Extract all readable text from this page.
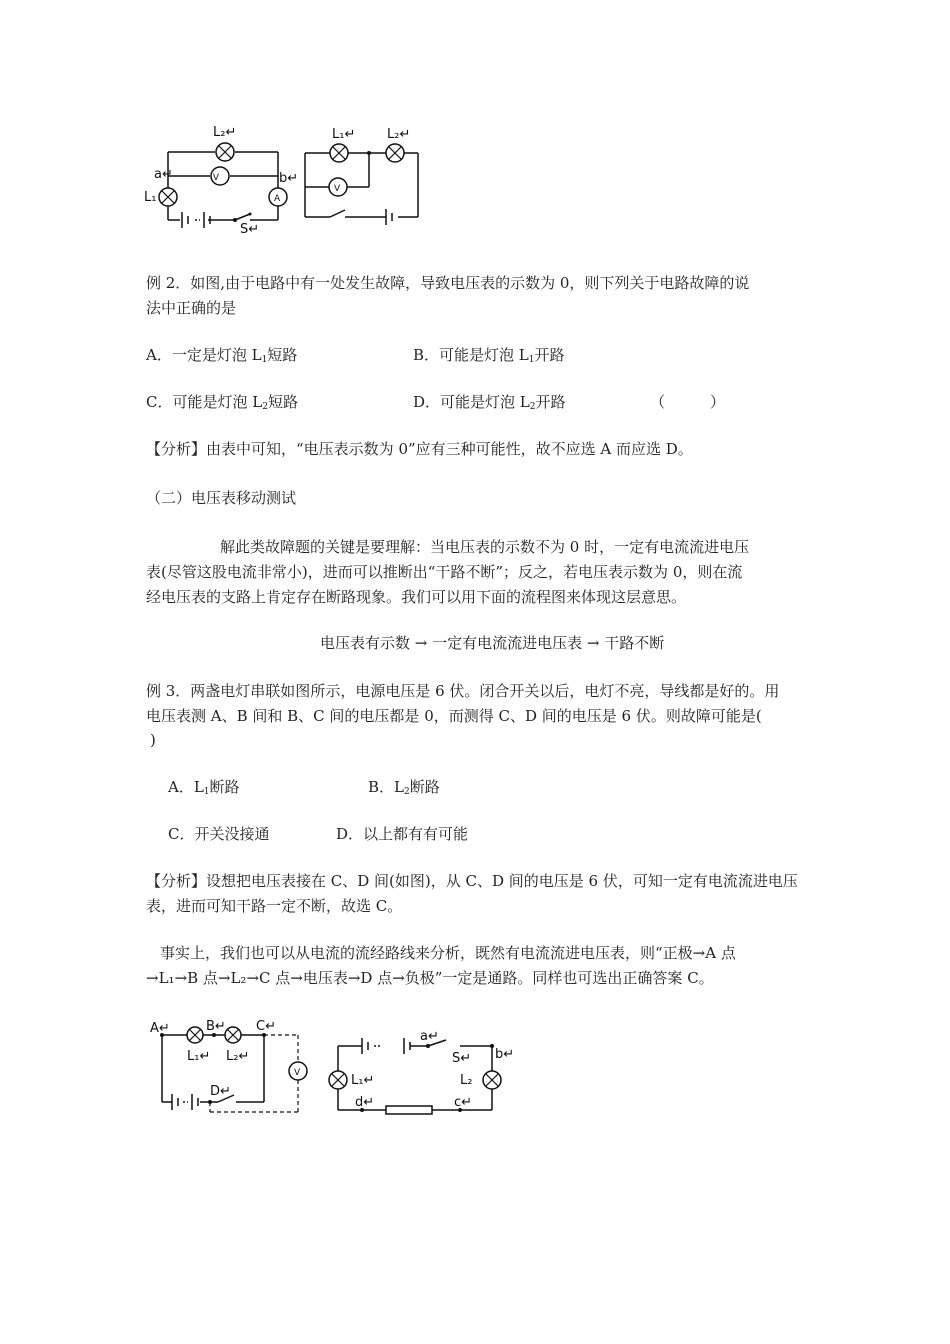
L₂↵
V
A
a↵	b↵
L₁
S↵
L₁↵ L₂↵
V
例 2．如图,由于电路中有一处发生故障，导致电压表的示数为 0，则下列关于电路故障的说
法中正确的是
A．一定是灯泡 $L_1$短路	B．可能是灯泡 $L_1$开路
C．可能是灯泡 $L_2$短路	D．可能是灯泡 $L_2$开路	（　　　）
【分析】由表中可知，“电压表示数为 0”应有三种可能性，故不应选 A 而应选 D。
（二）电压表移动测试
解此类故障题的关键是要理解：当电压表的示数不为 0 时，一定有电流流进电压
表(尽管这股电流非常小)，进而可以推断出“干路不断”；反之，若电压表示数为 0，则在流
经电压表的支路上肯定存在断路现象。我们可以用下面的流程图来体现这层意思。
电压表有示数 → 一定有电流流进电压表 → 干路不断
例 3．两盏电灯串联如图所示，电源电压是 6 伏。闭合开关以后，电灯不亮，导线都是好的。用
电压表测 A、B 间和 B、C 间的电压都是 0，而测得 C、D 间的电压是 6 伏。则故障可能是(
)
A．$L_1$断路	B．$L_2$断路
C．开关没接通	D．以上都有有可能
【分析】设想把电压表接在 C、D 间(如图)，从 C、D 间的电压是 6 伏，可知一定有电流流进电压
表，进而可知干路一定不断，故选 C。
事实上，我们也可以从电流的流经路线来分析，既然有电流流进电压表，则“正极→A 点
→L₁→B 点→L₂→C 点→电压表→D 点→负极”一定是通路。同样也可选出正确答案 C。
A↵	B↵ C↵
L₁↵ L₂↵
D↵
V
a↵
S↵ b↵
L₁↵	L₂
d↵	c↵
